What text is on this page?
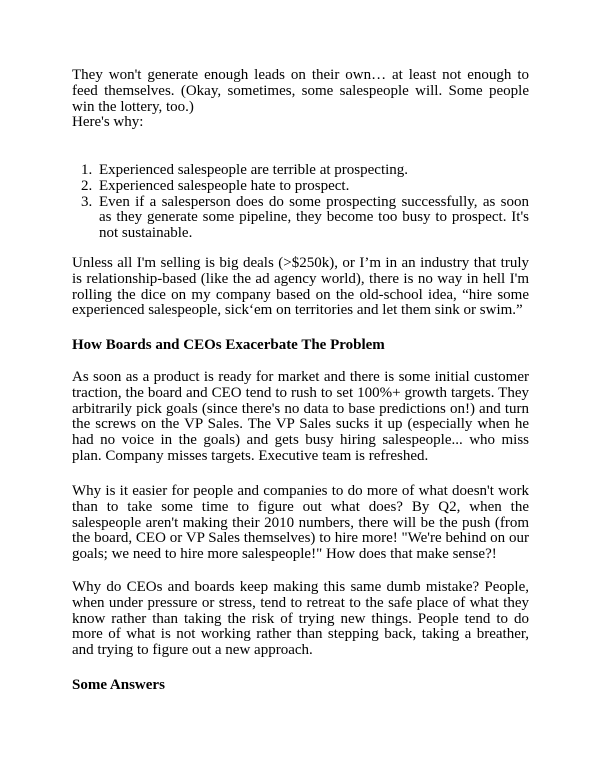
They won't generate enough leads on their own… at least not enough to feed themselves. (Okay, sometimes, some salespeople will. Some people win the lottery, too.)
Here's why:

1. Experienced salespeople are terrible at prospecting.
2. Experienced salespeople hate to prospect.
3. Even if a salesperson does do some prospecting successfully, as soon as they generate some pipeline, they become too busy to prospect. It's not sustainable.

Unless all I'm selling is big deals (>$250k), or I’m in an industry that truly is relationship-based (like the ad agency world), there is no way in hell I'm rolling the dice on my company based on the old-school idea, “hire some experienced salespeople, sick‘em on territories and let them sink or swim.”

How Boards and CEOs Exacerbate The Problem

As soon as a product is ready for market and there is some initial customer traction, the board and CEO tend to rush to set 100%+ growth targets. They arbitrarily pick goals (since there's no data to base predictions on!) and turn the screws on the VP Sales. The VP Sales sucks it up (especially when he had no voice in the goals) and gets busy hiring salespeople... who miss plan. Company misses targets. Executive team is refreshed.

Why is it easier for people and companies to do more of what doesn't work than to take some time to figure out what does? By Q2, when the salespeople aren't making their 2010 numbers, there will be the push (from the board, CEO or VP Sales themselves) to hire more! "We're behind on our goals; we need to hire more salespeople!" How does that make sense?!

Why do CEOs and boards keep making this same dumb mistake? People, when under pressure or stress, tend to retreat to the safe place of what they know rather than taking the risk of trying new things. People tend to do more of what is not working rather than stepping back, taking a breather, and trying to figure out a new approach.

Some Answers
